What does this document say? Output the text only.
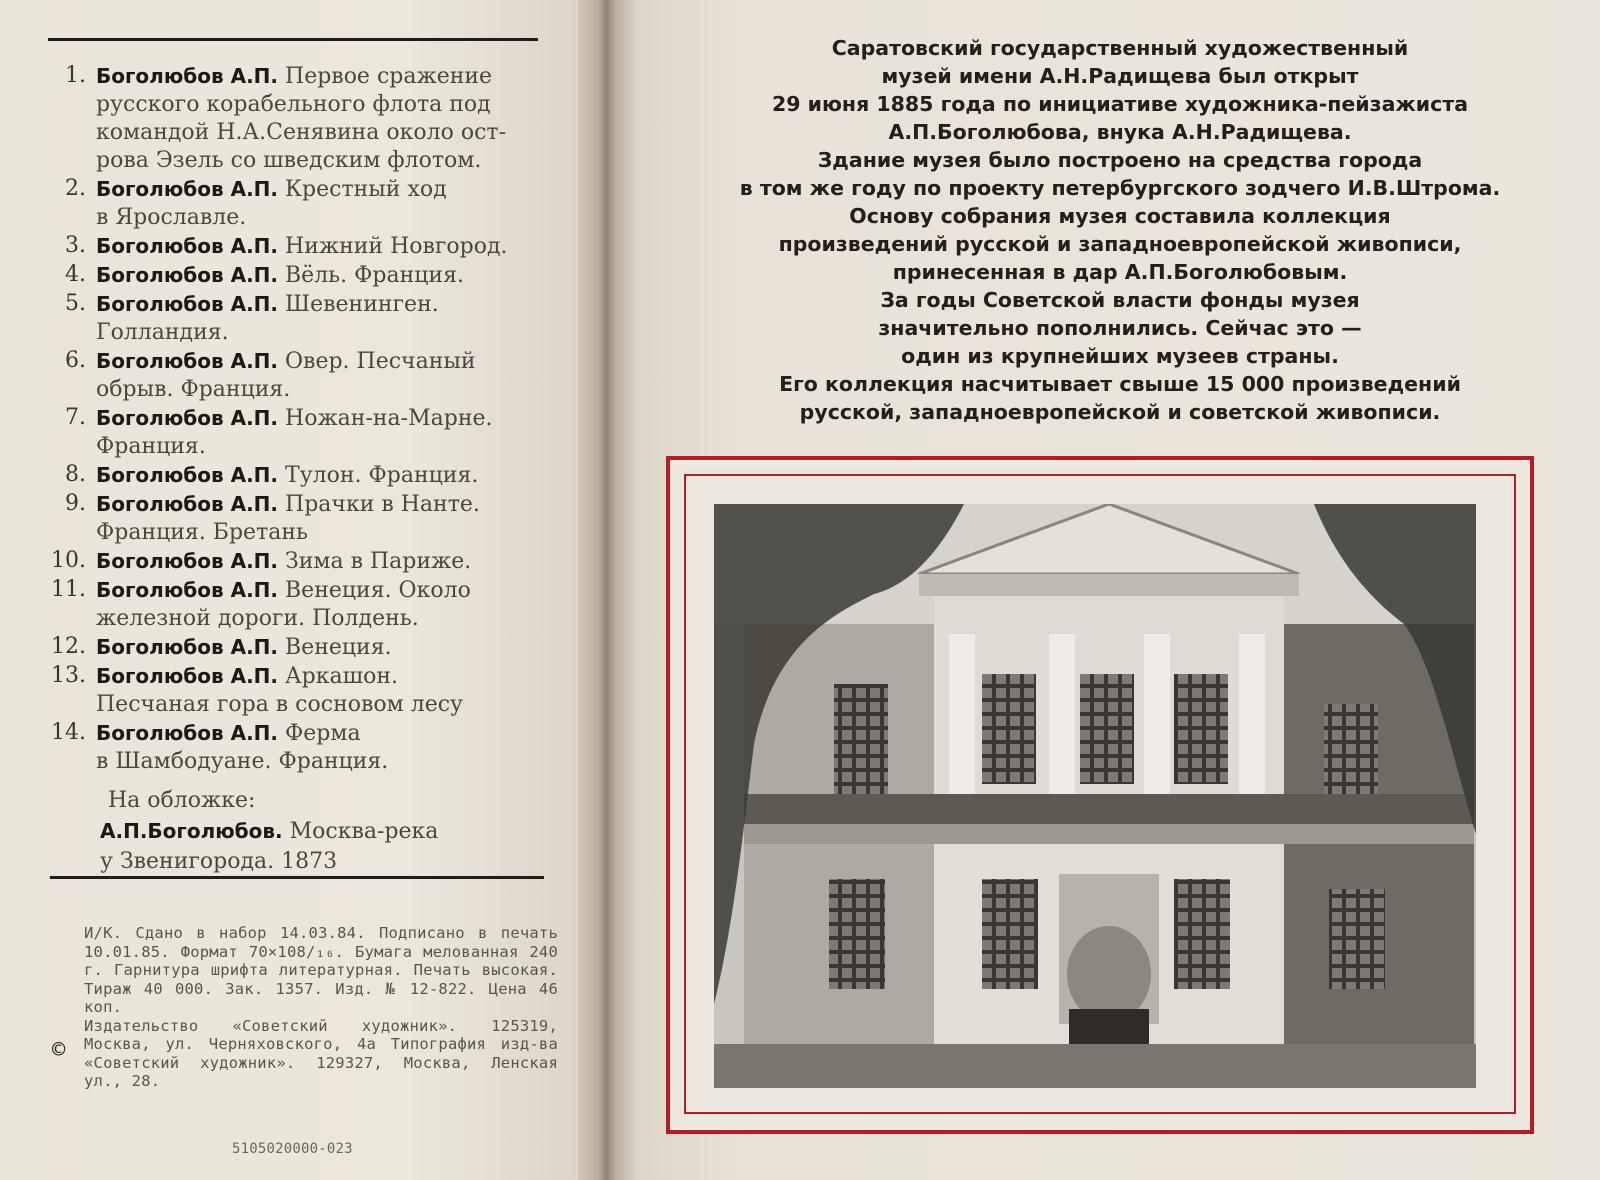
1. Боголюбов А.П. Первое сражение
русского корабельного флота под
командой Н.А.Сенявина около ост-
рова Эзель со шведским флотом.
2. Боголюбов А.П. Крестный ход
в Ярославле.
3. Боголюбов А.П. Нижний Новгород.
4. Боголюбов А.П. Вёль. Франция.
5. Боголюбов А.П. Шевенинген.
Голландия.
6. Боголюбов А.П. Овер. Песчаный
обрыв. Франция.
7. Боголюбов А.П. Ножан-на-Марне.
Франция.
8. Боголюбов А.П. Тулон. Франция.
9. Боголюбов А.П. Прачки в Нанте.
Франция. Бретань
10. Боголюбов А.П. Зима в Париже.
11. Боголюбов А.П. Венеция. Около
железной дороги. Полдень.
12. Боголюбов А.П. Венеция.
13. Боголюбов А.П. Аркашон.
Песчаная гора в сосновом лесу
14. Боголюбов А.П. Ферма
в Шамбодуане. Франция.
На обложке:
А.П.Боголюбов. Москва-река
у Звенигорода. 1873

И/К. Сдано в набор 14.03.84. Подписано в печать 10.01.85. Формат 70×108/₁₆. Бумага мелованная 240 г. Гарнитура шрифта литературная. Печать высокая. Тираж 40 000. Зак. 1357. Изд. № 12-822. Цена 46 коп.

©

Издательство «Советский художник». 125319, Москва, ул. Черняховского, 4а Типография изд-ва «Советский художник». 129327, Москва, Ленская ул., 28.

5105020000-023
Саратовский государственный художественный
музей имени А.Н.Радищева был открыт
29 июня 1885 года по инициативе художника-пейзажиста
А.П.Боголюбова, внука А.Н.Радищева.
Здание музея было построено на средства города
в том же году по проекту петербургского зодчего И.В.Штрома.
Основу собрания музея составила коллекция
произведений русской и западноевропейской живописи,
принесенная в дар А.П.Боголюбовым.
За годы Советской власти фонды музея
значительно пополнились. Сейчас это —
один из крупнейших музеев страны.
Его коллекция насчитывает свыше 15 000 произведений
русской, западноевропейской и советской живописи.
